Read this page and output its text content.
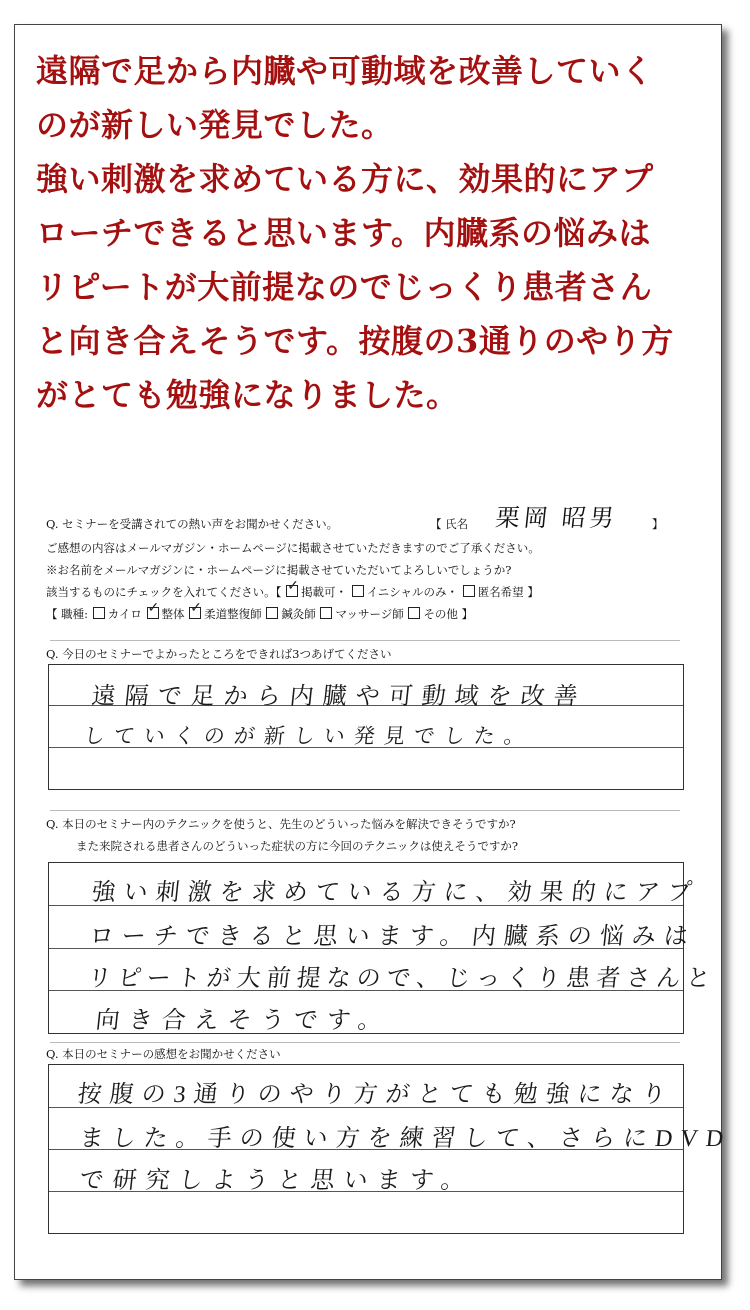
遠隔で足から内臓や可動域を改善していく
のが新しい発見でした。
強い刺激を求めている方に、効果的にアプ
ローチできると思います。内臓系の悩みは
リピートが大前提なのでじっくり患者さん
と向き合えそうです。按腹の3通りのやり方
がとても勉強になりました。
Q. セミナーを受講されての熱い声をお聞かせください。	【 氏名 栗岡 昭男	】
ご感想の内容はメールマガジン・ホームページに掲載させていただきますのでご了承ください。
※お名前をメールマガジンに・ホームページに掲載させていただいてよろしいでしょうか?
該当するものにチェックを入れてください。【 ✓ 掲載可・ イニシャルのみ・ 匿名希望 】
【 職種: カイロ ✓ 整体 ✓ 柔道整復師 鍼灸師 マッサージ師 その他 】
Q. 今日のセミナーでよかったところをできれば3つあげてください
遠隔で足から内臓や可動域を改善
していくのが新しい発見でした。
Q. 本日のセミナー内のテクニックを使うと、先生のどういった悩みを解決できそうですか?
また来院される患者さんのどういった症状の方に今回のテクニックは使えそうですか?
強い刺激を求めている方に、効果的にアプ
ローチできると思います。内臓系の悩みは
リピートが大前提なので、じっくり患者さんと
向き合えそうです。
Q. 本日のセミナーの感想をお聞かせください
按腹の3通りのやり方がとても勉強になり
ました。手の使い方を練習して、さらにDVD
で研究しようと思います。
